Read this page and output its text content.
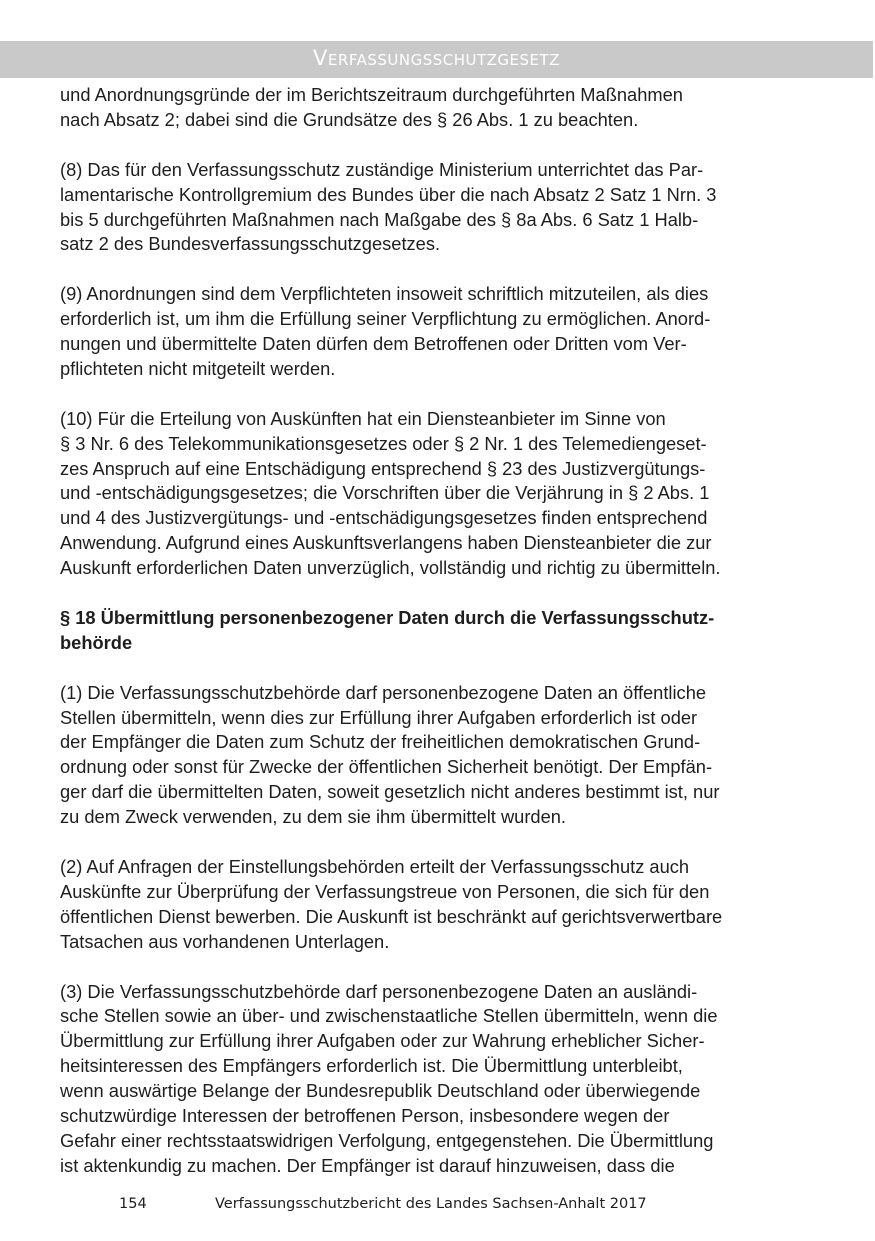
Verfassungsschutzgesetz
und Anordnungsgründe der im Berichtszeitraum durchgeführten Maßnahmen
nach Absatz 2; dabei sind die Grundsätze des § 26 Abs. 1 zu beachten.
(8) Das für den Verfassungsschutz zuständige Ministerium unterrichtet das Par-
lamentarische Kontrollgremium des Bundes über die nach Absatz 2 Satz 1 Nrn. 3
bis 5 durchgeführten Maßnahmen nach Maßgabe des § 8a Abs. 6 Satz 1 Halb-
satz 2 des Bundesverfassungsschutzgesetzes.
(9) Anordnungen sind dem Verpflichteten insoweit schriftlich mitzuteilen, als dies
erforderlich ist, um ihm die Erfüllung seiner Verpflichtung zu ermöglichen. Anord-
nungen und übermittelte Daten dürfen dem Betroffenen oder Dritten vom Ver-
pflichteten nicht mitgeteilt werden.
(10) Für die Erteilung von Auskünften hat ein Diensteanbieter im Sinne von
§ 3 Nr. 6 des Telekommunikationsgesetzes oder § 2 Nr. 1 des Telemediengeset-
zes Anspruch auf eine Entschädigung entsprechend § 23 des Justizvergütungs-
und -entschädigungsgesetzes; die Vorschriften über die Verjährung in § 2 Abs. 1
und 4 des Justizvergütungs- und -entschädigungsgesetzes finden entsprechend
Anwendung. Aufgrund eines Auskunftsverlangens haben Diensteanbieter die zur
Auskunft erforderlichen Daten unverzüglich, vollständig und richtig zu übermitteln.
§ 18 Übermittlung personenbezogener Daten durch die Verfassungsschutz-
behörde
(1) Die Verfassungsschutzbehörde darf personenbezogene Daten an öffentliche
Stellen übermitteln, wenn dies zur Erfüllung ihrer Aufgaben erforderlich ist oder
der Empfänger die Daten zum Schutz der freiheitlichen demokratischen Grund-
ordnung oder sonst für Zwecke der öffentlichen Sicherheit benötigt. Der Empfän-
ger darf die übermittelten Daten, soweit gesetzlich nicht anderes bestimmt ist, nur
zu dem Zweck verwenden, zu dem sie ihm übermittelt wurden.
(2) Auf Anfragen der Einstellungsbehörden erteilt der Verfassungsschutz auch
Auskünfte zur Überprüfung der Verfassungstreue von Personen, die sich für den
öffentlichen Dienst bewerben. Die Auskunft ist beschränkt auf gerichtsverwertbare
Tatsachen aus vorhandenen Unterlagen.
(3) Die Verfassungsschutzbehörde darf personenbezogene Daten an ausländi-
sche Stellen sowie an über- und zwischenstaatliche Stellen übermitteln, wenn die
Übermittlung zur Erfüllung ihrer Aufgaben oder zur Wahrung erheblicher Sicher-
heitsinteressen des Empfängers erforderlich ist. Die Übermittlung unterbleibt,
wenn auswärtige Belange der Bundesrepublik Deutschland oder überwiegende
schutzwürdige Interessen der betroffenen Person, insbesondere wegen der
Gefahr einer rechtsstaatswidrigen Verfolgung, entgegenstehen. Die Übermittlung
ist aktenkundig zu machen. Der Empfänger ist darauf hinzuweisen, dass die
154	Verfassungsschutzbericht des Landes Sachsen-Anhalt 2017
